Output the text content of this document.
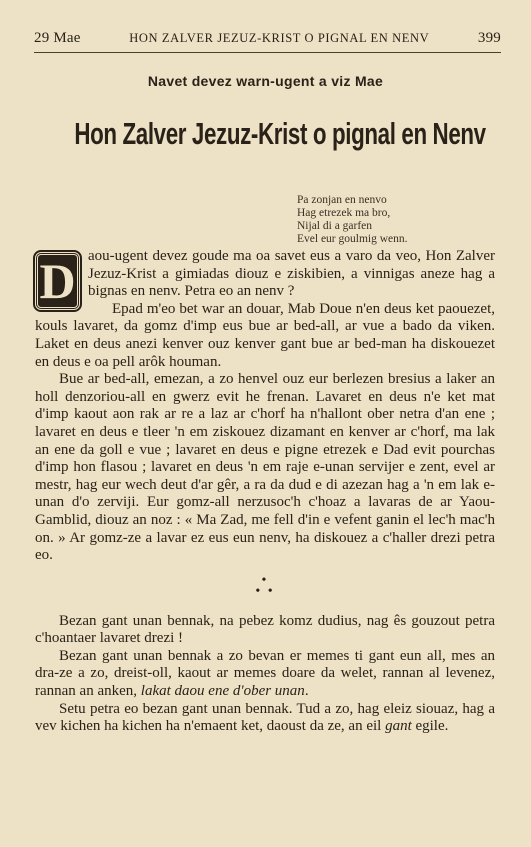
29 Mae	HON ZALVER JEZUZ-KRIST O PIGNAL EN NENV	399
Navet devez warn-ugent a viz Mae
Hon Zalver Jezuz-Krist o pignal en Nenv
Pa zonjan en nenvo
Hag etrezek ma bro,
Nijal di a garfen
Evel eur goulmig wenn.

D aou-ugent devez goude ma oa savet eus a varo da veo, Hon Zalver Jezuz-Krist a gimiadas diouz e ziskibien, a vinnigas aneze hag a bignas en nenv. Petra eo an nenv ?

Epad m'eo bet war an douar, Mab Doue n'en deus ket paouezet, kouls lavaret, da gomz d'imp eus bue ar bed-all, ar vue a bado da viken. Laket en deus anezi kenver ouz kenver gant bue ar bed-man ha diskouezet en deus e oa pell arôk houman.

Bue ar bed-all, emezan, a zo henvel ouz eur berlezen bresius a laker an holl denzoriou-all en gwerz evit he frenan. Lavaret en deus n'e ket mat d'imp kaout aon rak ar re a laz ar c'horf ha n'hallont ober netra d'an ene ; lavaret en deus e tleer 'n em ziskouez dizamant en kenver ar c'horf, ma lak an ene da goll e vue ; lavaret en deus e pigne etrezek e Dad evit pourchas d'imp hon flasou ; lavaret en deus 'n em raje e-unan servijer e zent, evel ar mestr, hag eur wech deut d'ar gêr, a ra da dud e di azezan hag a 'n em lak e-unan d'o zerviji. Eur gomz-all nerzusoc'h c'hoaz a lavaras de ar Yaou-Gamblid, diouz an noz : « Ma Zad, me fell d'in e vefent ganin el lec'h mac'h on. » Ar gomz-ze a lavar ez eus eun nenv, ha diskouez a c'haller drezi petra eo.

•
• •

Bezan gant unan bennak, na pebez komz dudius, nag ês gouzout petra c'hoantaer lavaret drezi !

Bezan gant unan bennak a zo bevan er memes ti gant eun all, mes an dra-ze a zo, dreist-oll, kaout ar memes doare da welet, rannan al levenez, rannan an anken, lakat daou ene d'ober unan.

Setu petra eo bezan gant unan bennak. Tud a zo, hag eleiz siouaz, hag a vev kichen ha kichen ha n'emaent ket, daoust da ze, an eil gant egile.
